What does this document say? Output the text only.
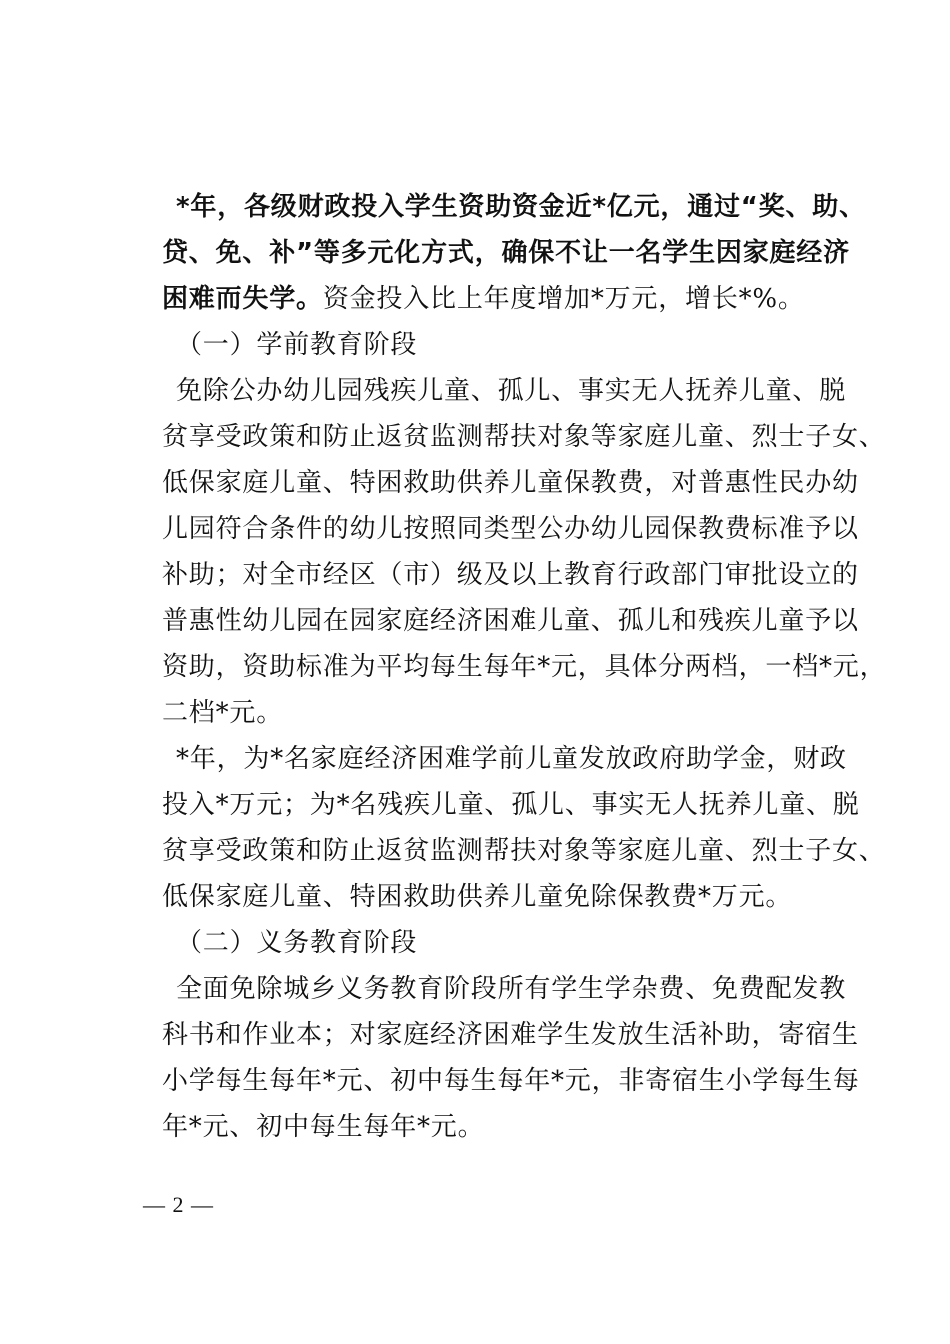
*年，各级财政投入学生资助资金近*亿元，通过“奖、助、
贷、免、补”等多元化方式，确保不让一名学生因家庭经济
困难而失学。资金投入比上年度增加*万元，增长*%。
（一）学前教育阶段
免除公办幼儿园残疾儿童、孤儿、事实无人抚养儿童、脱
贫享受政策和防止返贫监测帮扶对象等家庭儿童、烈士子女、
低保家庭儿童、特困救助供养儿童保教费，对普惠性民办幼
儿园符合条件的幼儿按照同类型公办幼儿园保教费标准予以
补助；对全市经区（市）级及以上教育行政部门审批设立的
普惠性幼儿园在园家庭经济困难儿童、孤儿和残疾儿童予以
资助，资助标准为平均每生每年*元，具体分两档，一档*元，
二档*元。
*年，为*名家庭经济困难学前儿童发放政府助学金，财政
投入*万元；为*名残疾儿童、孤儿、事实无人抚养儿童、脱
贫享受政策和防止返贫监测帮扶对象等家庭儿童、烈士子女、
低保家庭儿童、特困救助供养儿童免除保教费*万元。
（二）义务教育阶段
全面免除城乡义务教育阶段所有学生学杂费、免费配发教
科书和作业本；对家庭经济困难学生发放生活补助，寄宿生
小学每生每年*元、初中每生每年*元，非寄宿生小学每生每
年*元、初中每生每年*元。
— 2 —
